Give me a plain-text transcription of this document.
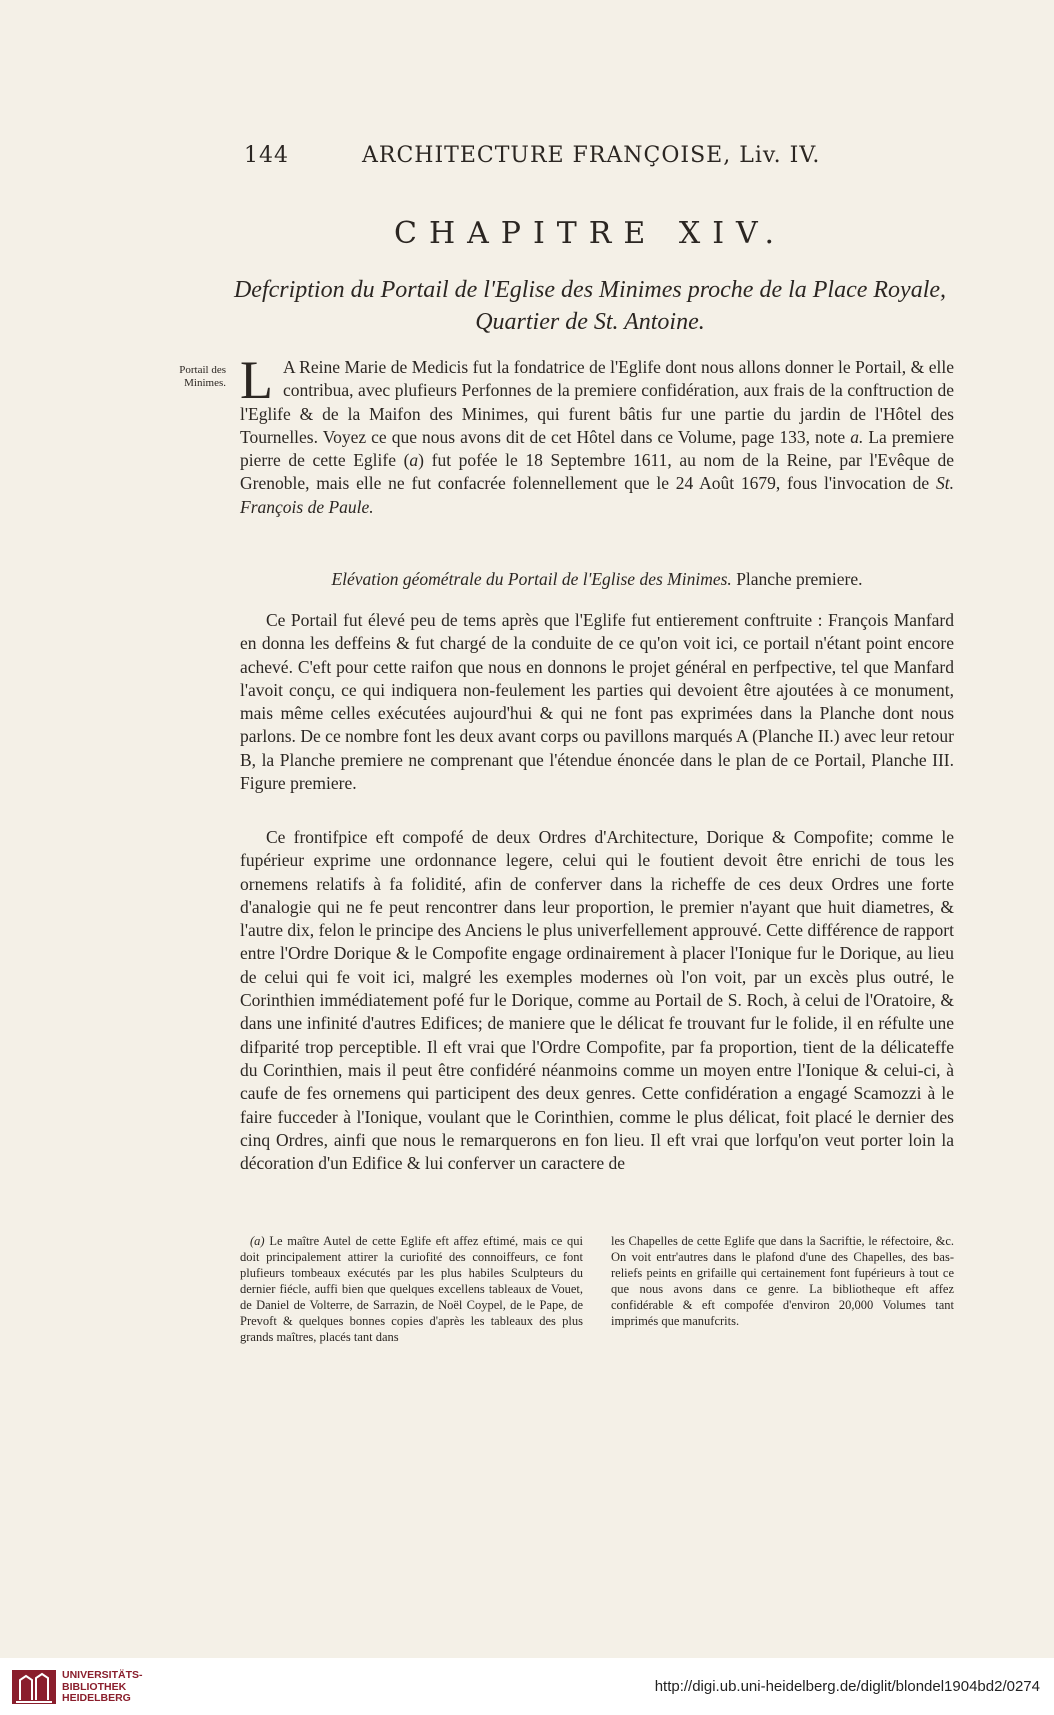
144	ARCHITECTURE FRANÇOISE, Liv. IV.
CHAPITRE XIV.
Defcription du Portail de l'Eglise des Minimes proche de la Place Royale, Quartier de St. Antoine.
Portail des Minimes. L A Reine Marie de Medicis fut la fondatrice de l'Eglife dont nous allons donner le Portail, & elle contribua, avec plufieurs Perfonnes de la premiere confidération, aux frais de la conftruction de l'Eglife & de la Maifon des Minimes, qui furent bâtis fur une partie du jardin de l'Hôtel des Tournelles. Voyez ce que nous avons dit de cet Hôtel dans ce Volume, page 133, note a. La premiere pierre de cette Eglife (a) fut pofée le 18 Septembre 1611, au nom de la Reine, par l'Evêque de Grenoble, mais elle ne fut confacrée folennellement que le 24 Août 1679, fous l'invocation de St. François de Paule.
Elévation géométrale du Portail de l'Eglise des Minimes. Planche premiere.
Ce Portail fut élevé peu de tems après que l'Eglife fut entierement conftruite : François Manfard en donna les deffeins & fut chargé de la conduite de ce qu'on voit ici, ce portail n'étant point encore achevé. C'eft pour cette raifon que nous en donnons le projet général en perfpective, tel que Manfard l'avoit conçu, ce qui indiquera non-feulement les parties qui devoient être ajoutées à ce monument, mais même celles exécutées aujourd'hui & qui ne font pas exprimées dans la Planche dont nous parlons. De ce nombre font les deux avant corps ou pavillons marqués A (Planche II.) avec leur retour B, la Planche premiere ne comprenant que l'étendue énoncée dans le plan de ce Portail, Planche III. Figure premiere.
Ce frontifpice eft compofé de deux Ordres d'Architecture, Dorique & Compofite; comme le fupérieur exprime une ordonnance legere, celui qui le foutient devoit être enrichi de tous les ornemens relatifs à fa folidité, afin de conferver dans la richeffe de ces deux Ordres une forte d'analogie qui ne fe peut rencontrer dans leur proportion, le premier n'ayant que huit diametres, & l'autre dix, felon le principe des Anciens le plus univerfellement approuvé. Cette différence de rapport entre l'Ordre Dorique & le Compofite engage ordinairement à placer l'Ionique fur le Dorique, au lieu de celui qui fe voit ici, malgré les exemples modernes où l'on voit, par un excès plus outré, le Corinthien immédiatement pofé fur le Dorique, comme au Portail de S. Roch, à celui de l'Oratoire, & dans une infinité d'autres Edifices; de maniere que le délicat fe trouvant fur le folide, il en réfulte une difparité trop perceptible. Il eft vrai que l'Ordre Compofite, par fa proportion, tient de la délicateffe du Corinthien, mais il peut être confidéré néanmoins comme un moyen entre l'Ionique & celui-ci, à caufe de fes ornemens qui participent des deux genres. Cette confidération a engagé Scamozzi à le faire fucceder à l'Ionique, voulant que le Corinthien, comme le plus délicat, foit placé le dernier des cinq Ordres, ainfi que nous le remarquerons en fon lieu. Il eft vrai que lorfqu'on veut porter loin la décoration d'un Edifice & lui conferver un caractere de
(a) Le maître Autel de cette Eglife eft affez eftimé, mais ce qui doit principalement attirer la curiofité des connoiffeurs, ce font plufieurs tombeaux exécutés par les plus habiles Sculpteurs du dernier fiécle, auffi bien que quelques excellens tableaux de Vouet, de Daniel de Volterre, de Sarrazin, de Noël Coypel, de le Pape, de Prevoft & quelques bonnes copies d'après les tableaux des plus grands maîtres, placés tant dans
les Chapelles de cette Eglife que dans la Sacriftie, le réfectoire, &c. On voit entr'autres dans le plafond d'une des Chapelles, des bas-reliefs peints en grifaille qui certainement font fupérieurs à tout ce que nous avons dans ce genre. La bibliotheque eft affez confidérable & eft compofée d'environ 20,000 Volumes tant imprimés que manufcrits.
UNIVERSITÄTS-
BIBLIOTHEK
HEIDELBERG
http://digi.ub.uni-heidelberg.de/diglit/blondel1904bd2/0274
